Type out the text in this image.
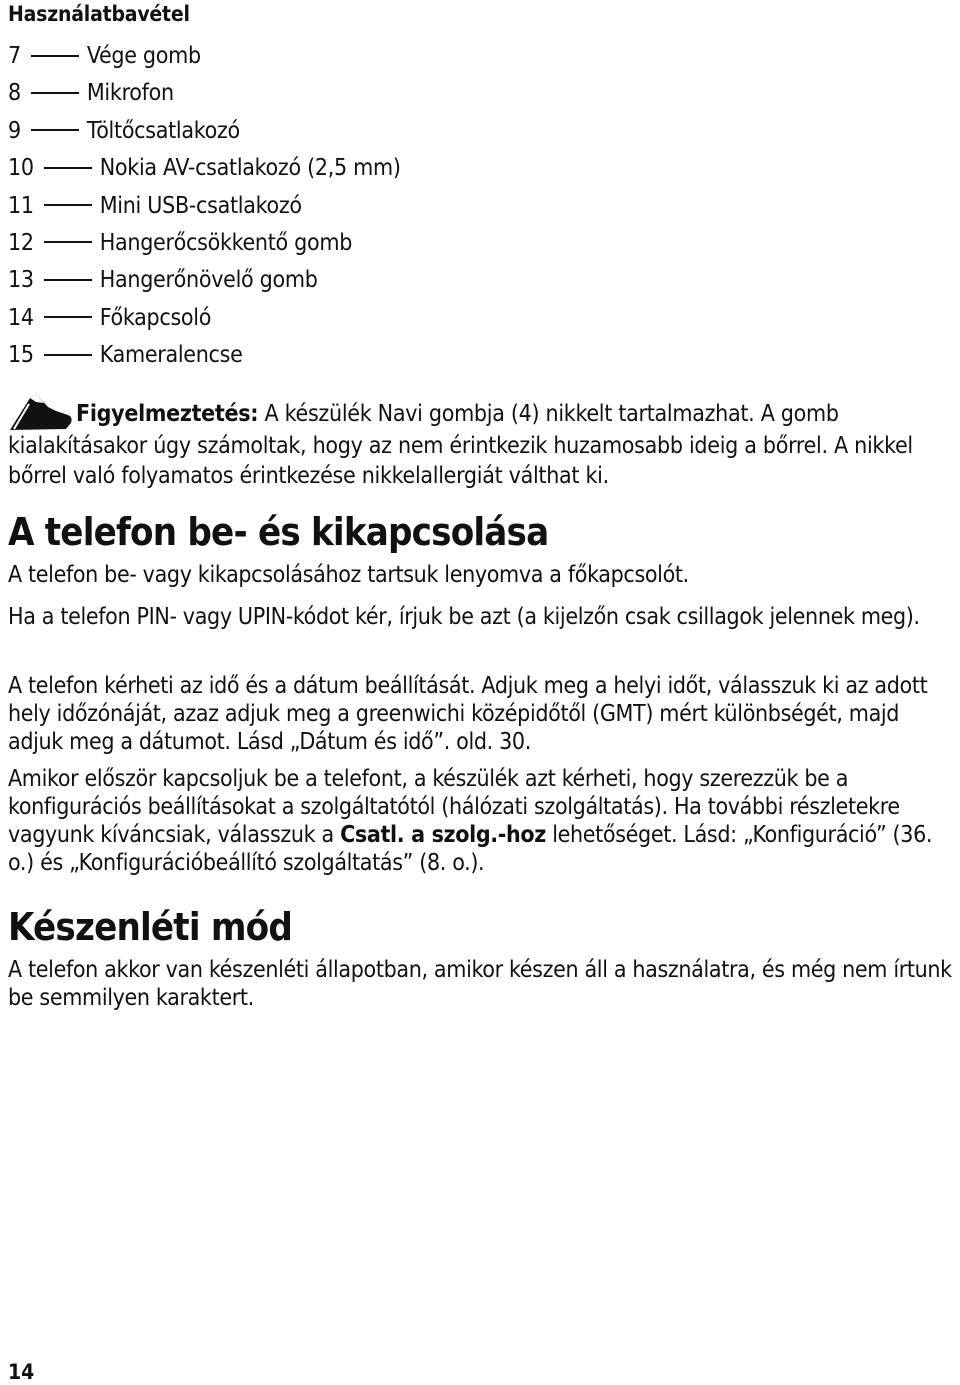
Használatbavétel
7	Vége gomb
8	Mikrofon
9	Töltőcsatlakozó
10	Nokia AV-csatlakozó (2,5 mm)
11	Mini USB-csatlakozó
12	Hangerőcsökkentő gomb
13	Hangerőnövelő gomb
14	Főkapcsoló
15	Kameralencse
Figyelmeztetés: A készülék Navi gombja (4) nikkelt tartalmazhat. A gomb kialakításakor úgy számoltak, hogy az nem érintkezik huzamosabb ideig a bőrrel. A nikkel bőrrel való folyamatos érintkezése nikkelallergiát válthat ki.
A telefon be- és kikapcsolása

A telefon be- vagy kikapcsolásához tartsuk lenyomva a főkapcsolót.

Ha a telefon PIN- vagy UPIN-kódot kér, írjuk be azt (a kijelzőn csak csillagok jelennek meg).

A telefon kérheti az idő és a dátum beállítását. Adjuk meg a helyi időt, válasszuk ki az adott hely időzónáját, azaz adjuk meg a greenwichi középidőtől (GMT) mért különbségét, majd adjuk meg a dátumot. Lásd „Dátum és idő”. old. 30.

Amikor először kapcsoljuk be a telefont, a készülék azt kérheti, hogy szerezzük be a konfigurációs beállításokat a szolgáltatótól (hálózati szolgáltatás). Ha további részletekre vagyunk kíváncsiak, válasszuk a Csatl. a szolg.-hoz lehetőséget. Lásd: „Konfiguráció” (36. o.) és „Konfigurációbeállító szolgáltatás” (8. o.).

Készenléti mód

A telefon akkor van készenléti állapotban, amikor készen áll a használatra, és még nem írtunk be semmilyen karaktert.

14
